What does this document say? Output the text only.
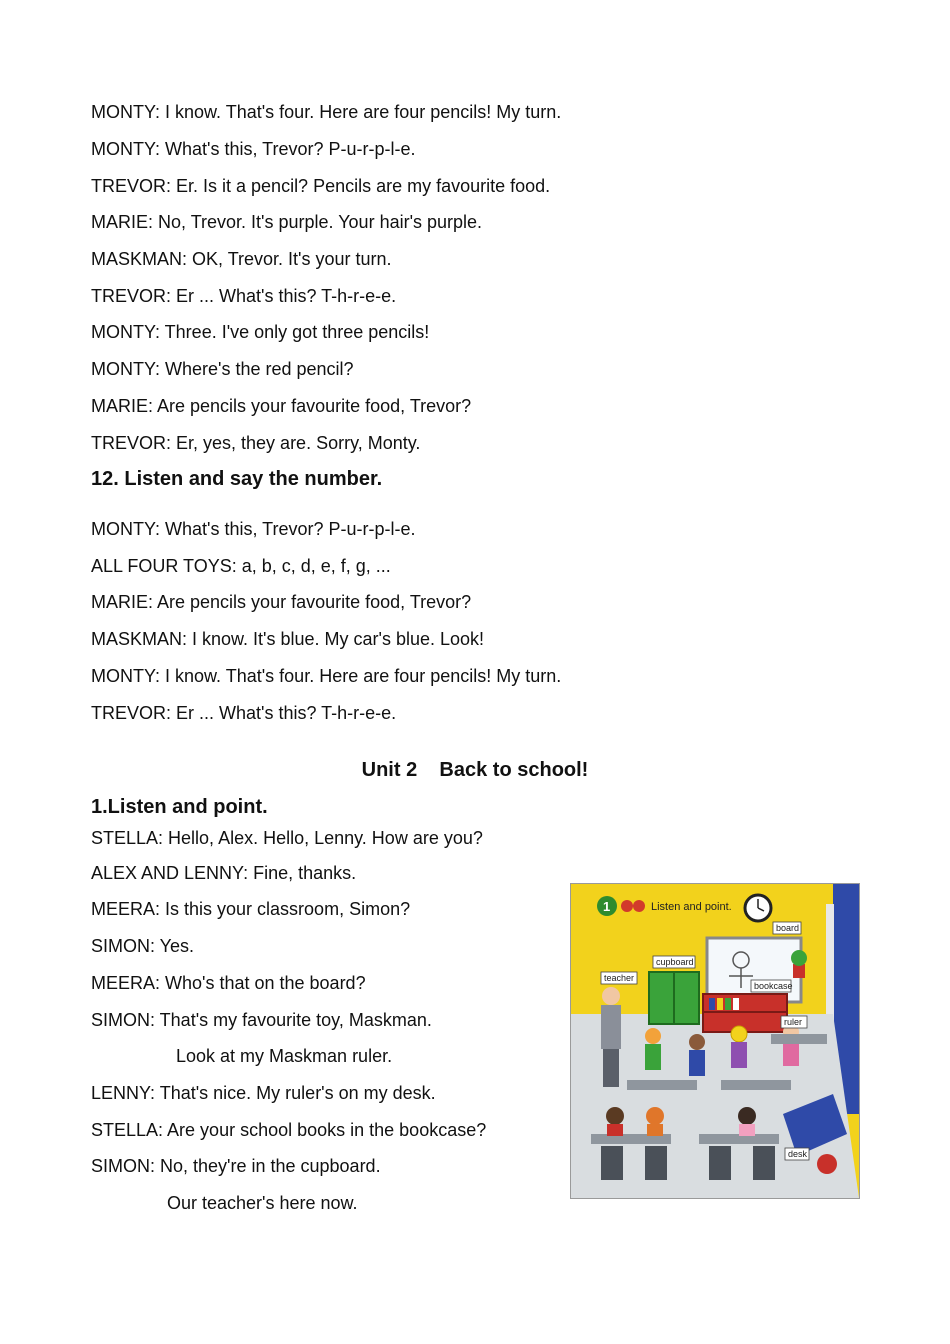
MONTY: I know. That's four. Here are four pencils! My turn.
MONTY: What's this, Trevor? P-u-r-p-l-e.
TREVOR: Er. Is it a pencil? Pencils are my favourite food.
MARIE: No, Trevor. It's purple. Your hair's purple.
MASKMAN: OK, Trevor. It's your turn.
TREVOR: Er ... What's this? T-h-r-e-e.
MONTY: Three. I've only got three pencils!
MONTY: Where's the red pencil?
MARIE: Are pencils your favourite food, Trevor?
TREVOR: Er, yes, they are. Sorry, Monty.
12. Listen and say the number.
MONTY: What's this, Trevor? P-u-r-p-l-e.
ALL FOUR TOYS: a, b, c, d, e, f, g, ...
MARIE: Are pencils your favourite food, Trevor?
MASKMAN: I know. It's blue. My car's blue. Look!
MONTY: I know. That's four. Here are four pencils! My turn.
TREVOR: Er ... What's this? T-h-r-e-e.
Unit 2    Back to school!
1.Listen and point.
STELLA: Hello, Alex. Hello, Lenny. How are you?
ALEX AND LENNY: Fine, thanks.
MEERA: Is this your classroom, Simon?
SIMON: Yes.
MEERA: Who's that on the board?
SIMON: That's my favourite toy, Maskman.
Look at my Maskman ruler.
LENNY: That's nice. My ruler's on my desk.
STELLA: Are your school books in the bookcase?
SIMON: No, they're in the cupboard.
Our teacher's here now.
1	Listen and point.
board
cupboard
teacher
bookcase
ruler
desk
